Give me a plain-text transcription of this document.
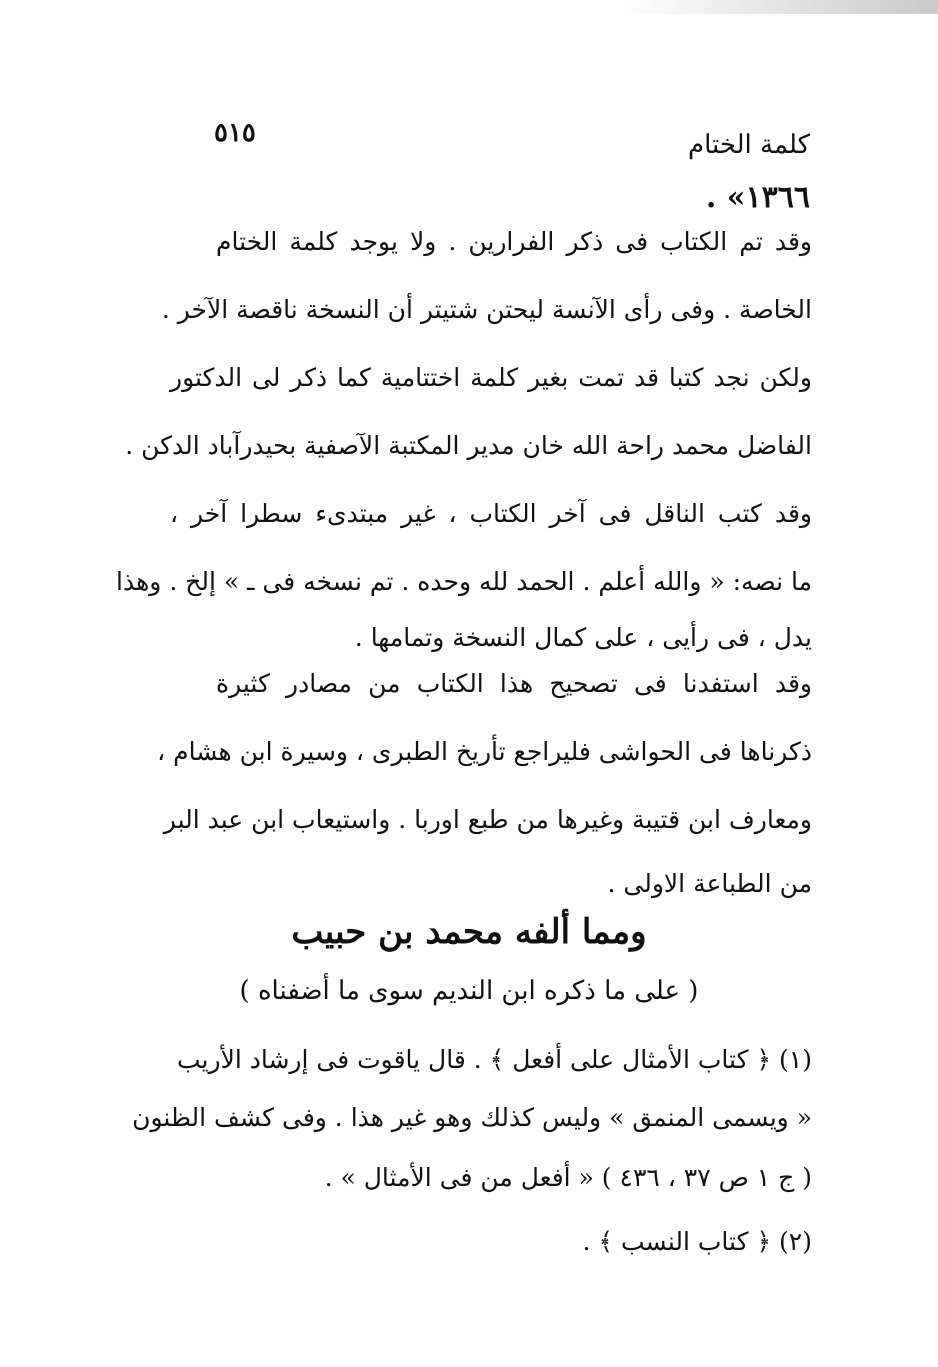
كلمة الختام
٥١٥
١٣٦٦» .
وقد تم الكتاب فى ذكر الفرارين . ولا يوجد كلمة الختام
الخاصة . وفى رأى الآنسة ليحتن شتيتر أن النسخة ناقصة الآخر .
ولكن نجد كتبا قد تمت بغير كلمة اختتامية كما ذكر لى الدكتور
الفاضل محمد راحة الله خان مدير المكتبة الآصفية بحيدرآباد الدكن .
وقد كتب الناقل فى آخر الكتاب ، غير مبتدىء سطرا آخر ،
ما نصه: « والله أعلم . الحمد لله وحده . تم نسخه فى ـ » إلخ . وهذا
يدل ، فى رأيى ، على كمال النسخة وتمامها .
وقد استفدنا فى تصحيح هذا الكتاب من مصادر كثيرة
ذكرناها فى الحواشى فليراجع تأريخ الطبرى ، وسيرة ابن هشام ،
ومعارف ابن قتيبة وغيرها من طبع اوربا . واستيعاب ابن عبد البر
من الطباعة الاولى .
ومما ألفه محمد بن حبيب
( على ما ذكره ابن النديم سوى ما أضفناه )
(١) ﴿ كتاب الأمثال على أفعل ﴾ . قال ياقوت فى إرشاد الأريب
« ويسمى المنمق » وليس كذلك وهو غير هذا . وفى كشف الظنون
( ج ١ ص ٣٧ ، ٤٣٦ ) « أفعل من فى الأمثال » .
(٢) ﴿ كتاب النسب ﴾ .
